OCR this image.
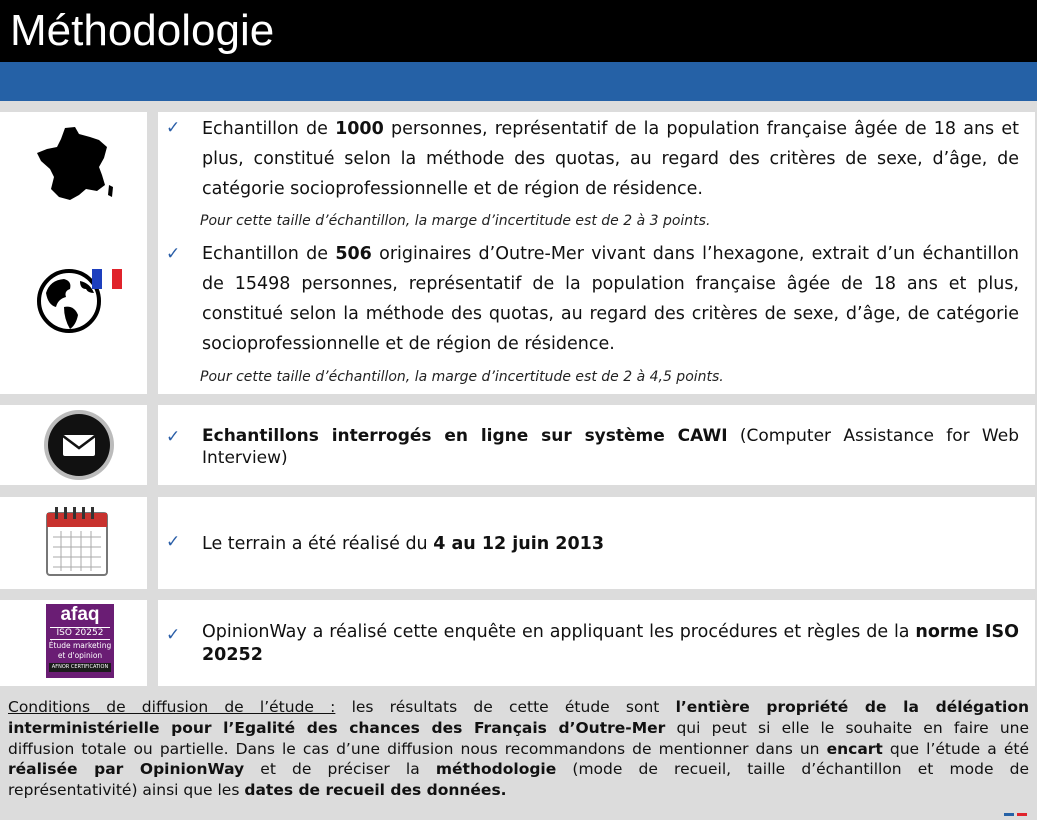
Méthodologie
✓ Echantillon de 1000 personnes, représentatif de la population française âgée de 18 ans et
plus, constitué selon la méthode des quotas, au regard des critères de sexe, d’âge, de
catégorie socioprofessionnelle et de région de résidence.
Pour cette taille d’échantillon, la marge d’incertitude est de 2 à 3 points.
✓ Echantillon de 506 originaires d’Outre-Mer vivant dans l’hexagone, extrait d’un échantillon
de 15498 personnes, représentatif de la population française âgée de 18 ans et plus,
constitué selon la méthode des quotas, au regard des critères de sexe, d’âge, de catégorie
socioprofessionnelle et de région de résidence.
Pour cette taille d’échantillon, la marge d’incertitude est de 2 à 4,5 points.
✓ Echantillons interrogés en ligne sur système CAWI (Computer Assistance for Web
Interview)
✓ Le terrain a été réalisé du 4 au 12 juin 2013
afaq
ISO 20252
Étude marketing
et d'opinion
AFNOR CERTIFICATION
✓ OpinionWay a réalisé cette enquête en appliquant les procédures et règles de la norme ISO
20252
Conditions de diffusion de l’étude : les résultats de cette étude sont l’entière propriété de la délégation
interministérielle pour l’Egalité des chances des Français d’Outre-Mer qui peut si elle le souhaite en faire une
diffusion totale ou partielle. Dans le cas d’une diffusion nous recommandons de mentionner dans un encart que l’étude a été
réalisée par OpinionWay et de préciser la méthodologie (mode de recueil, taille d’échantillon et mode de
représentativité) ainsi que les dates de recueil des données.
